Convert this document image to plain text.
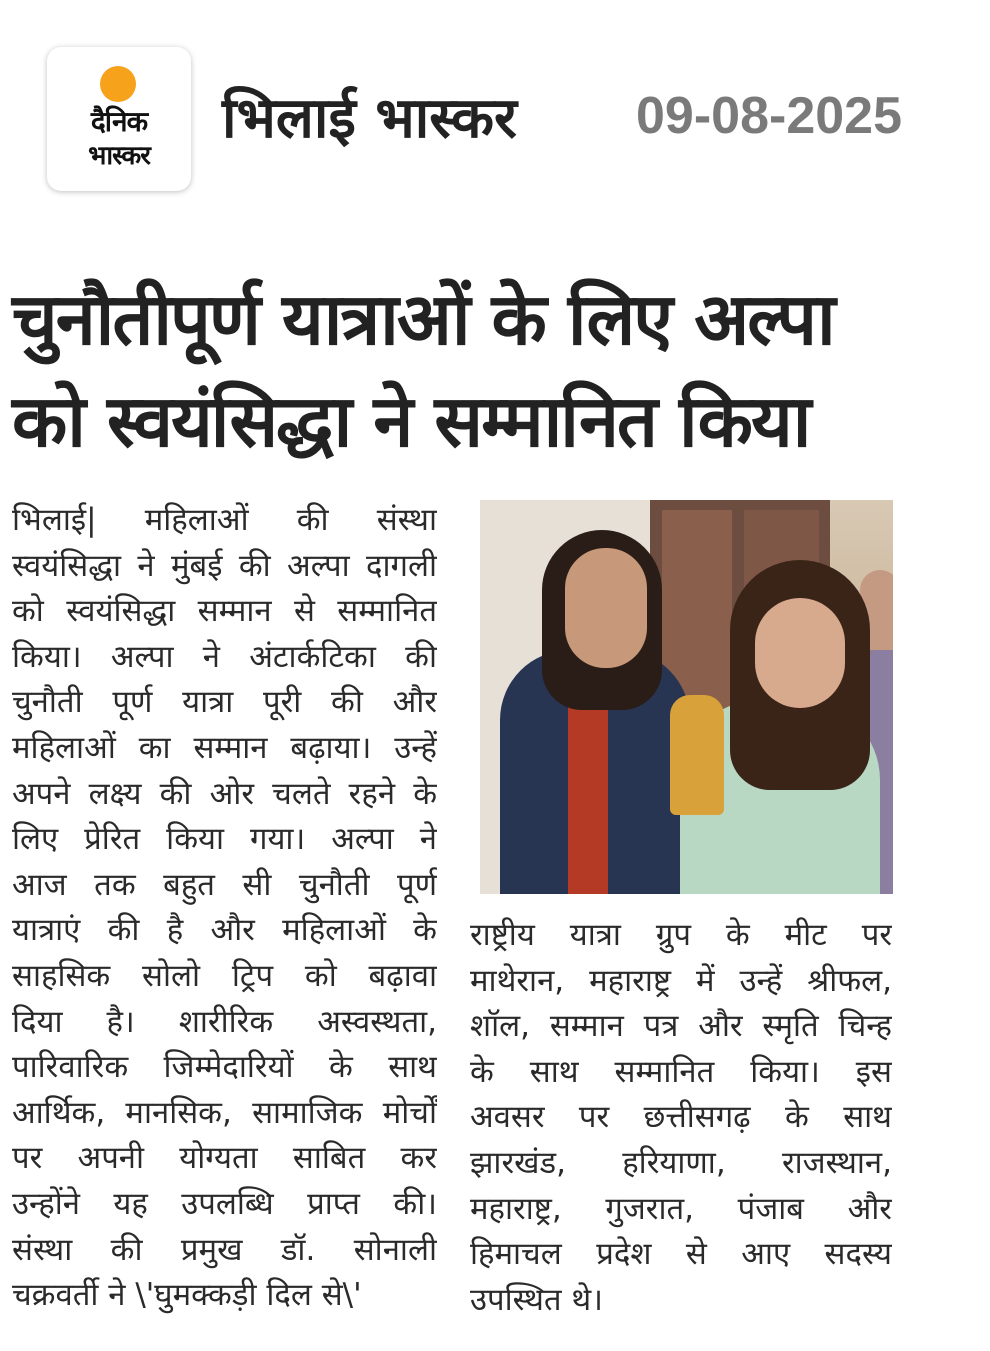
दैनिक
भास्कर
भिलाई भास्कर 09-08-2025
चुनौतीपूर्ण यात्राओं के लिए अल्पा
को स्वयंसिद्धा ने सम्मानित किया
भिलाई| महिलाओं की संस्था
स्वयंसिद्धा ने मुंबई की अल्पा दागली
को स्वयंसिद्धा सम्मान से सम्मानित
किया। अल्पा ने अंटार्कटिका की
चुनौती पूर्ण यात्रा पूरी की और
महिलाओं का सम्मान बढ़ाया। उन्हें
अपने लक्ष्य की ओर चलते रहने के
लिए प्रेरित किया गया। अल्पा ने
आज तक बहुत सी चुनौती पूर्ण
यात्राएं की है और महिलाओं के
साहसिक सोलो ट्रिप को बढ़ावा
दिया है। शारीरिक अस्वस्थता,
पारिवारिक जिम्मेदारियों के साथ
आर्थिक, मानसिक, सामाजिक मोर्चों
पर अपनी योग्यता साबित कर
उन्होंने यह उपलब्धि प्राप्त की।
संस्था की प्रमुख डॉ. सोनाली
चक्रवर्ती ने \'घुमक्कड़ी दिल से\'
राष्ट्रीय यात्रा ग्रुप के मीट पर
माथेरान, महाराष्ट्र में उन्हें श्रीफल,
शॉल, सम्मान पत्र और स्मृति चिन्ह
के साथ सम्मानित किया। इस
अवसर पर छत्तीसगढ़ के साथ
झारखंड, हरियाणा, राजस्थान,
महाराष्ट्र, गुजरात, पंजाब और
हिमाचल प्रदेश से आए सदस्य
उपस्थित थे।
